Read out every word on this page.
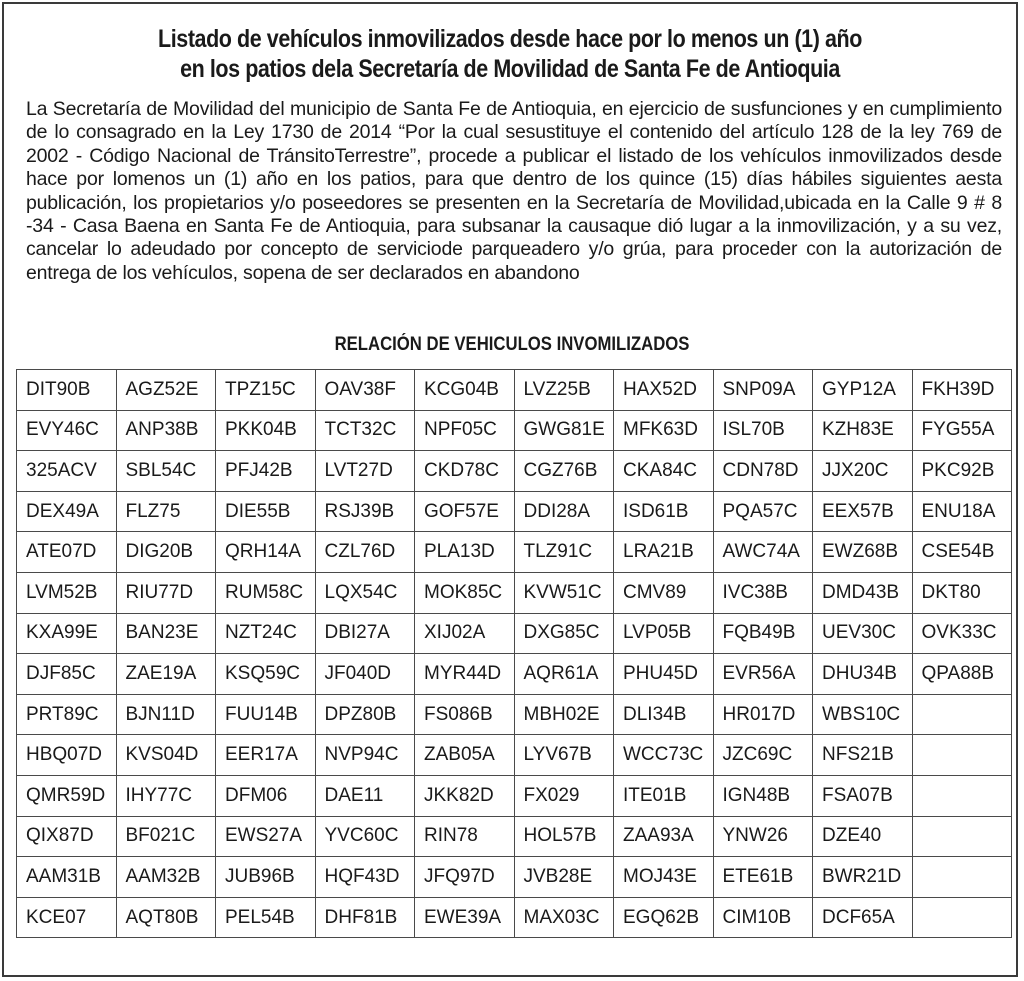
Listado de vehículos inmovilizados desde hace por lo menos un (1) año
en los patios dela Secretaría de Movilidad de Santa Fe de Antioquia
La Secretaría de Movilidad del municipio de Santa Fe de Antioquia, en ejercicio de susfunciones y en cumplimiento de lo consagrado en la Ley 1730 de 2014 “Por la cual sesustituye el contenido del artículo 128 de la ley 769 de 2002 - Código Nacional de TránsitoTerrestre”, procede a publicar el listado de los vehículos inmovilizados desde hace por lomenos un (1) año en los patios, para que dentro de los quince (15) días hábiles siguientes aesta publicación, los propietarios y/o poseedores se presenten en la Secretaría de Movilidad,ubicada en la Calle 9 # 8 -34 - Casa Baena en Santa Fe de Antioquia, para subsanar la causaque dió lugar a la inmovilización, y a su vez, cancelar lo adeudado por concepto de serviciode parqueadero y/o grúa, para proceder con la autorización de entrega de los vehículos, sopena de ser declarados en abandono
RELACIÓN DE VEHICULOS INVOMILIZADOS
DIT90B	AGZ52E	TPZ15C	OAV38F	KCG04B	LVZ25B	HAX52D	SNP09A	GYP12A	FKH39D
EVY46C	ANP38B	PKK04B	TCT32C	NPF05C	GWG81E	MFK63D	ISL70B	KZH83E	FYG55A
325ACV	SBL54C	PFJ42B	LVT27D	CKD78C	CGZ76B	CKA84C	CDN78D	JJX20C	PKC92B
DEX49A	FLZ75	DIE55B	RSJ39B	GOF57E	DDI28A	ISD61B	PQA57C	EEX57B	ENU18A
ATE07D	DIG20B	QRH14A	CZL76D	PLA13D	TLZ91C	LRA21B	AWC74A	EWZ68B	CSE54B
LVM52B	RIU77D	RUM58C	LQX54C	MOK85C	KVW51C	CMV89	IVC38B	DMD43B	DKT80
KXA99E	BAN23E	NZT24C	DBI27A	XIJ02A	DXG85C	LVP05B	FQB49B	UEV30C	OVK33C
DJF85C	ZAE19A	KSQ59C	JF040D	MYR44D	AQR61A	PHU45D	EVR56A	DHU34B	QPA88B
PRT89C	BJN11D	FUU14B	DPZ80B	FS086B	MBH02E	DLI34B	HR017D	WBS10C	
HBQ07D	KVS04D	EER17A	NVP94C	ZAB05A	LYV67B	WCC73C	JZC69C	NFS21B	
QMR59D	IHY77C	DFM06	DAE11	JKK82D	FX029	ITE01B	IGN48B	FSA07B	
QIX87D	BF021C	EWS27A	YVC60C	RIN78	HOL57B	ZAA93A	YNW26	DZE40	
AAM31B	AAM32B	JUB96B	HQF43D	JFQ97D	JVB28E	MOJ43E	ETE61B	BWR21D	
KCE07	AQT80B	PEL54B	DHF81B	EWE39A	MAX03C	EGQ62B	CIM10B	DCF65A	
